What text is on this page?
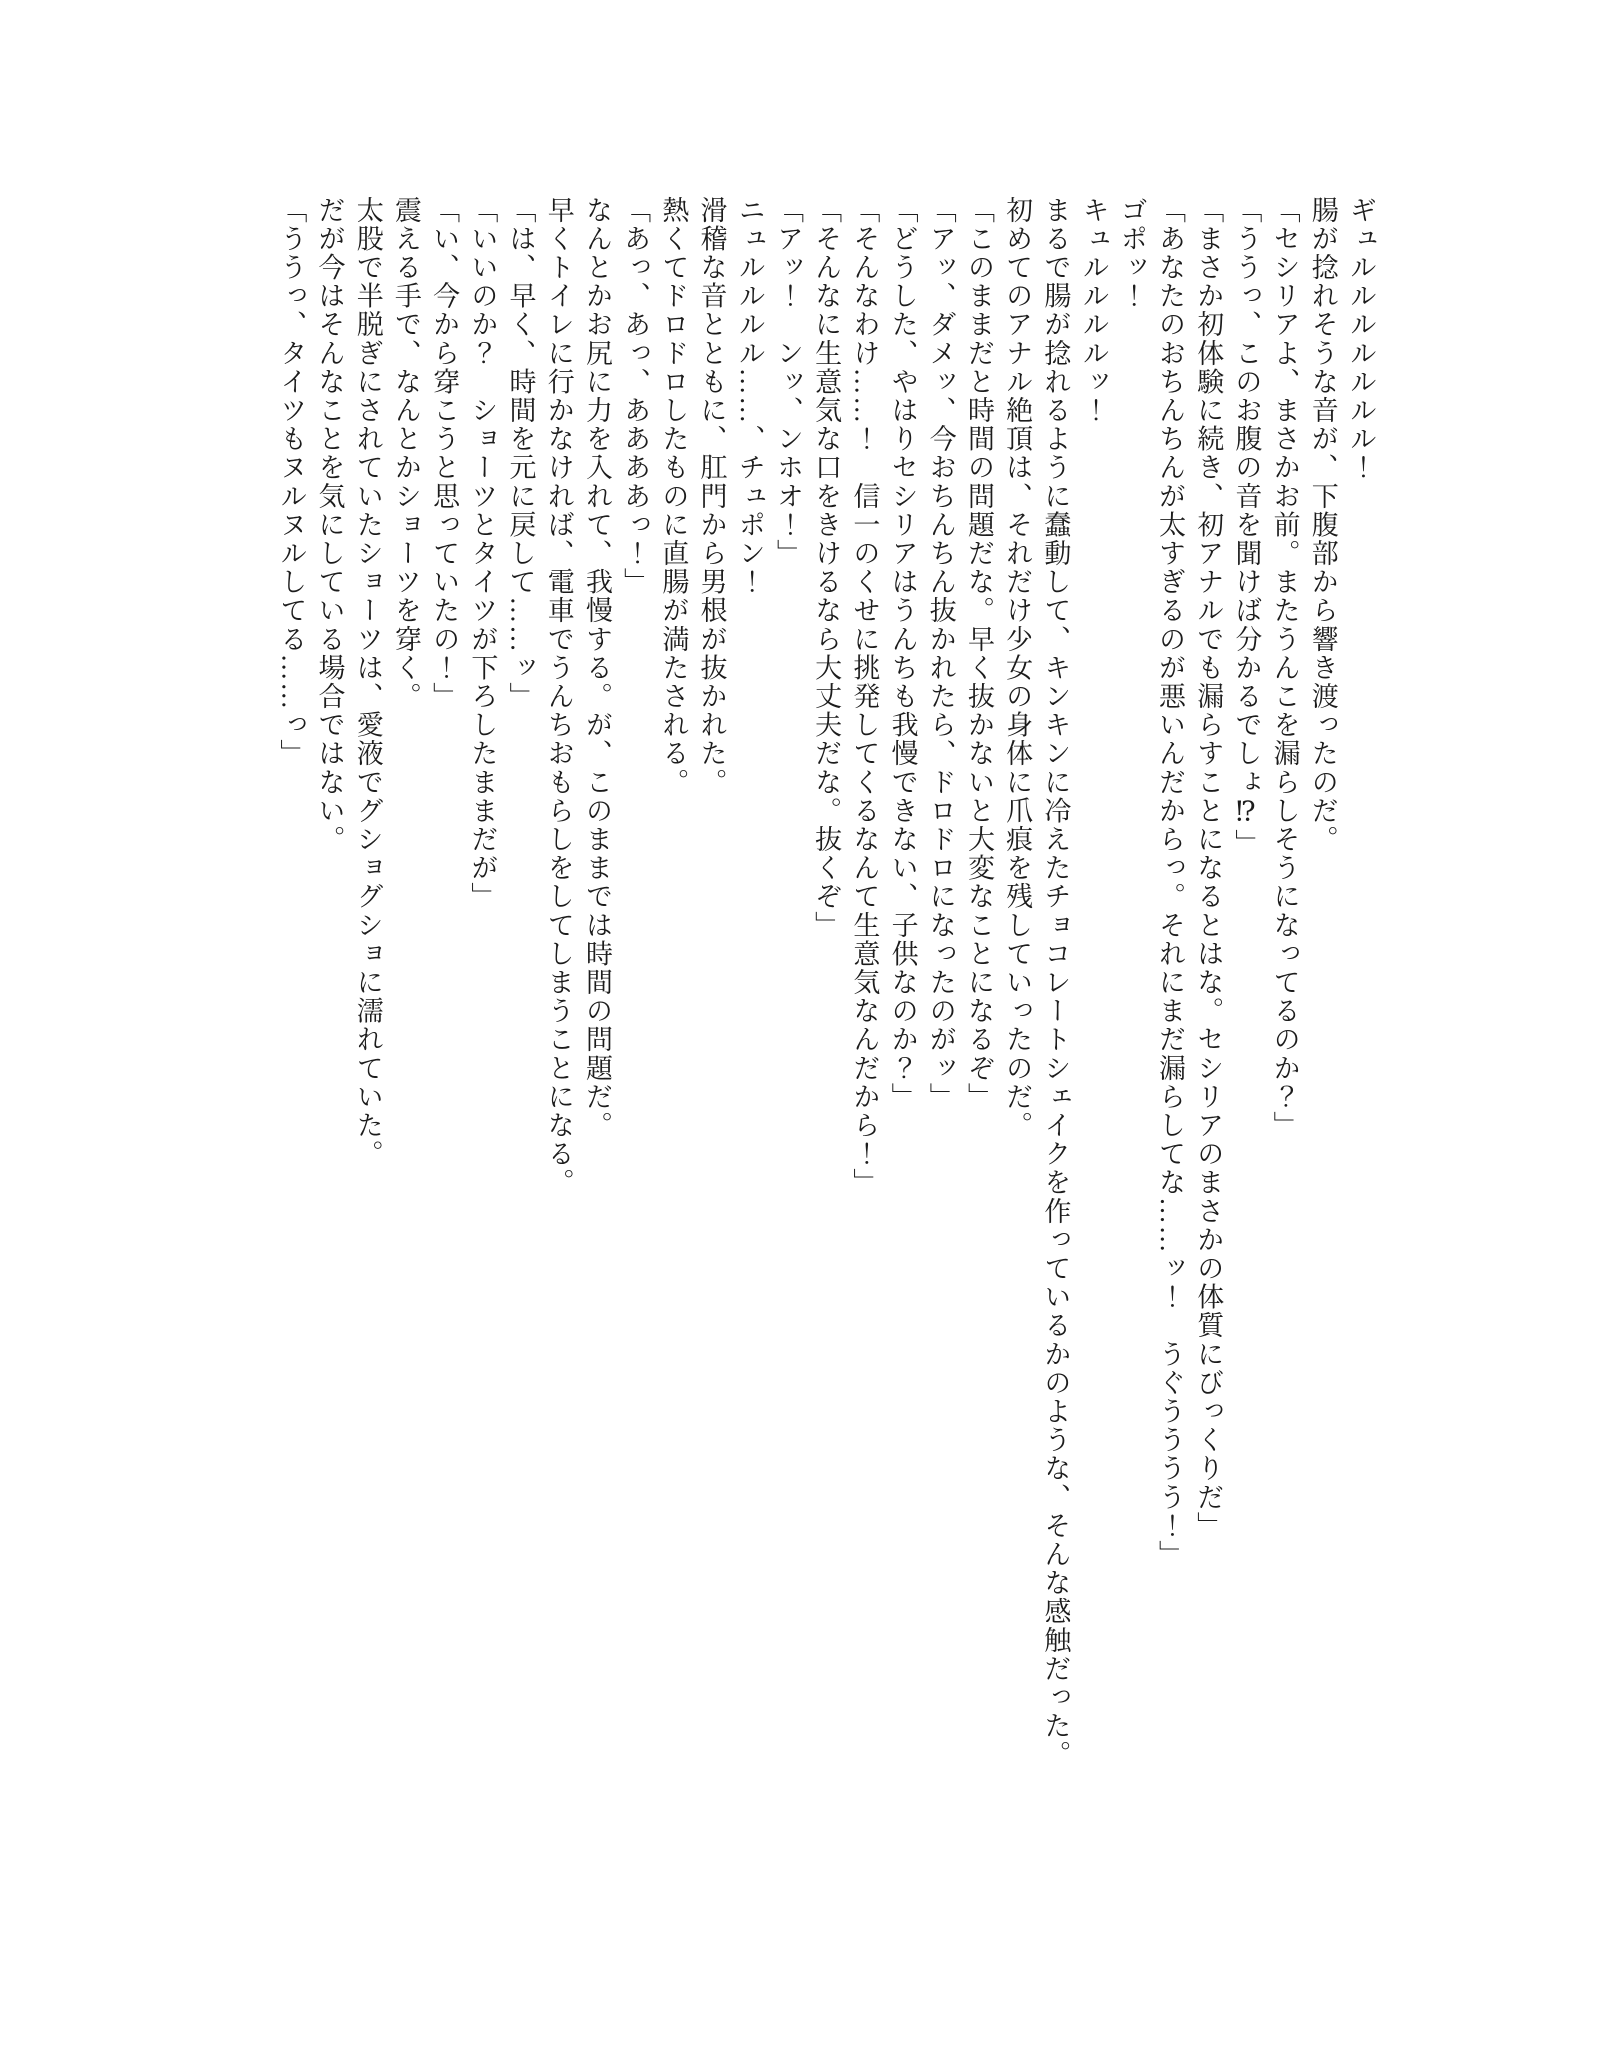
ギュルルルルルルル！

腸が捻れそうな音が、下腹部から響き渡ったのだ。

「セシリアよ、まさかお前。またうんこを漏らしそうになってるのか？」

「ううっ、このお腹の音を聞けば分かるでしょ⁉」

「まさか初体験に続き、初アナルでも漏らすことになるとはな。セシリアのまさかの体質にびっくりだ」

「あなたのおちんちんが太すぎるのが悪いんだからっ。それにまだ漏らしてな……ッ！　うぐうううう！」

ゴポッ！

キュルルルルッ！

まるで腸が捻れるように蠢動して、キンキンに冷えたチョコレートシェイクを作っているかのような、そんな感触だった。

初めてのアナル絶頂は、それだけ少女の身体に爪痕を残していったのだ。

「このままだと時間の問題だな。早く抜かないと大変なことになるぞ」

「アッ、ダメッ、今おちんちん抜かれたら、ドロドロになったのがッ」

「どうした、やはりセシリアはうんちも我慢できない、子供なのか？」

「そんなわけ……！　信一のくせに挑発してくるなんて生意気なんだから！」

「そんなに生意気な口をきけるなら大丈夫だな。抜くぞ」

「アッ！　ンッ、ンホオ！」

ニュルルルル……、チュポン！

滑稽な音とともに、肛門から男根が抜かれた。

熱くてドロドロしたものに直腸が満たされる。

「あっ、あっ、ああああっ！」

なんとかお尻に力を入れて、我慢する。が、このままでは時間の問題だ。

早くトイレに行かなければ、電車でうんちおもらしをしてしまうことになる。

「は、早く、時間を元に戻して……ッ」

「いいのか？　ショーツとタイツが下ろしたままだが」

「い、今から穿こうと思っていたの！」

震える手で、なんとかショーツを穿く。

太股で半脱ぎにされていたショーツは、愛液でグショグショに濡れていた。

だが今はそんなことを気にしている場合ではない。

「ううっ、タイツもヌルヌルしてる……っ」
